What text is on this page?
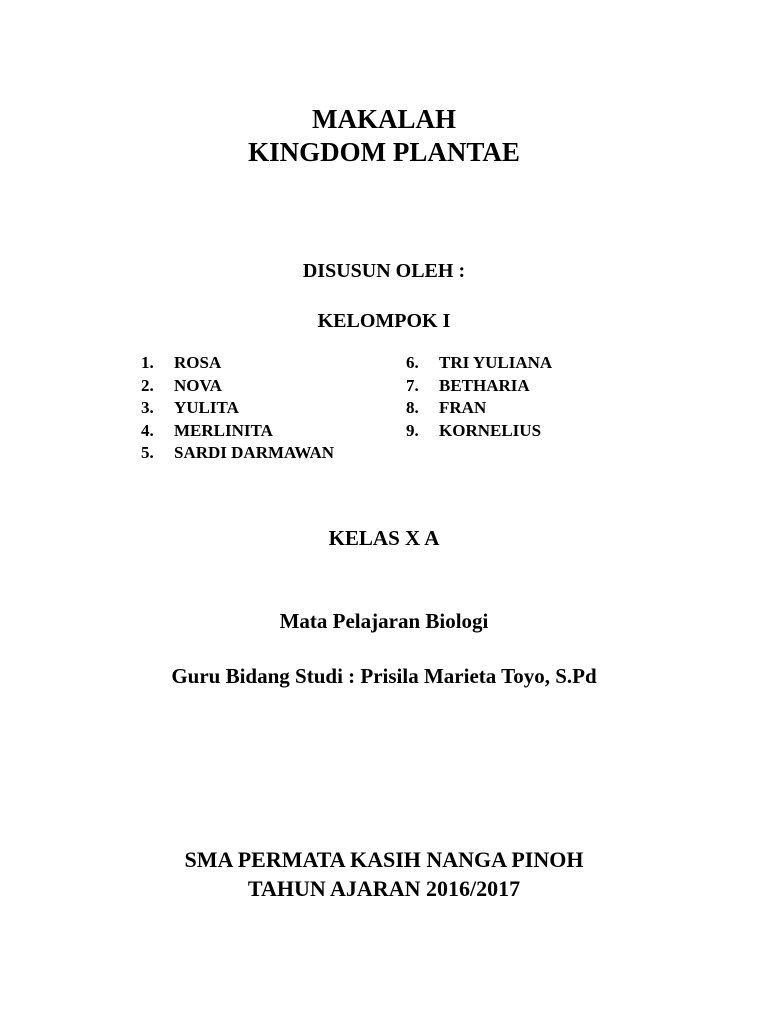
MAKALAH
KINGDOM PLANTAE
DISUSUN OLEH :
KELOMPOK I
1. ROSA
2. NOVA
3. YULITA
4. MERLINITA
5. SARDI DARMAWAN
6. TRI YULIANA
7. BETHARIA
8. FRAN
9. KORNELIUS
KELAS X A
Mata Pelajaran Biologi
Guru Bidang Studi : Prisila Marieta Toyo, S.Pd
SMA PERMATA KASIH NANGA PINOH
TAHUN AJARAN 2016/2017
